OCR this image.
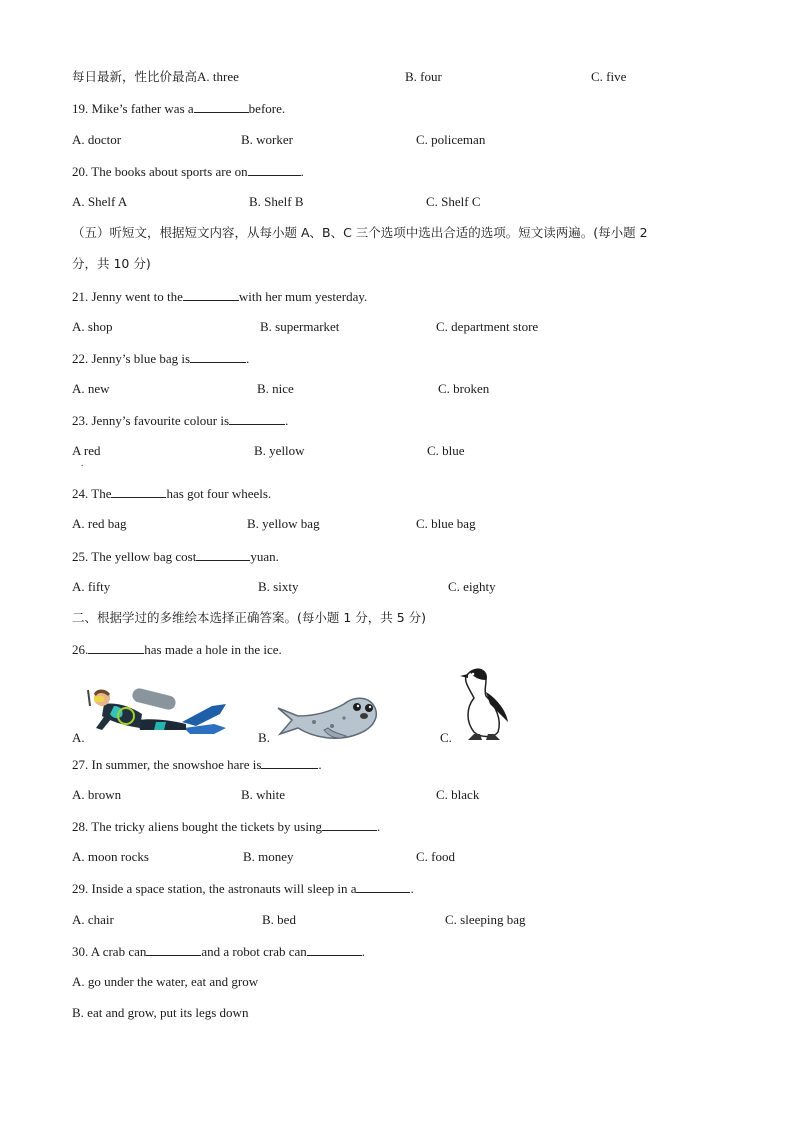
每日最新，性比价最高A. three	B. four	C. five
19. Mike’s father was a	before.
A. doctor	B. worker	C. policeman
20. The books about sports are on	.
A. Shelf A	B. Shelf B	C. Shelf C
（五）听短文，根据短文内容，从每小题 A、B、C 三个选项中选出合适的选项。短文读两遍。(每小题 2
分，共 10 分)
21. Jenny went to the	with her mum yesterday.
A. shop	B. supermarket	C. department store
22. Jenny’s blue bag is	.
A. new	B. nice	C. broken
23. Jenny’s favourite colour is	.
A red
.
B. yellow	C. blue
24. The	has got four wheels.
A. red bag	B. yellow bag	C. blue bag
25. The yellow bag cost	yuan.
A. fifty	B. sixty	C. eighty
二、根据学过的多维绘本选择正确答案。(每小题 1 分，共 5 分)
26.	has made a hole in the ice.
A.	B.	C.
27. In summer, the snowshoe hare is	.
A. brown	B. white	C. black
28. The tricky aliens bought the tickets by using	.
A. moon rocks	B. money	C. food
29. Inside a space station, the astronauts will sleep in a	.
A. chair	B. bed	C. sleeping bag
30. A crab can	and a robot crab can	.
A. go under the water, eat and grow
B. eat and grow, put its legs down
